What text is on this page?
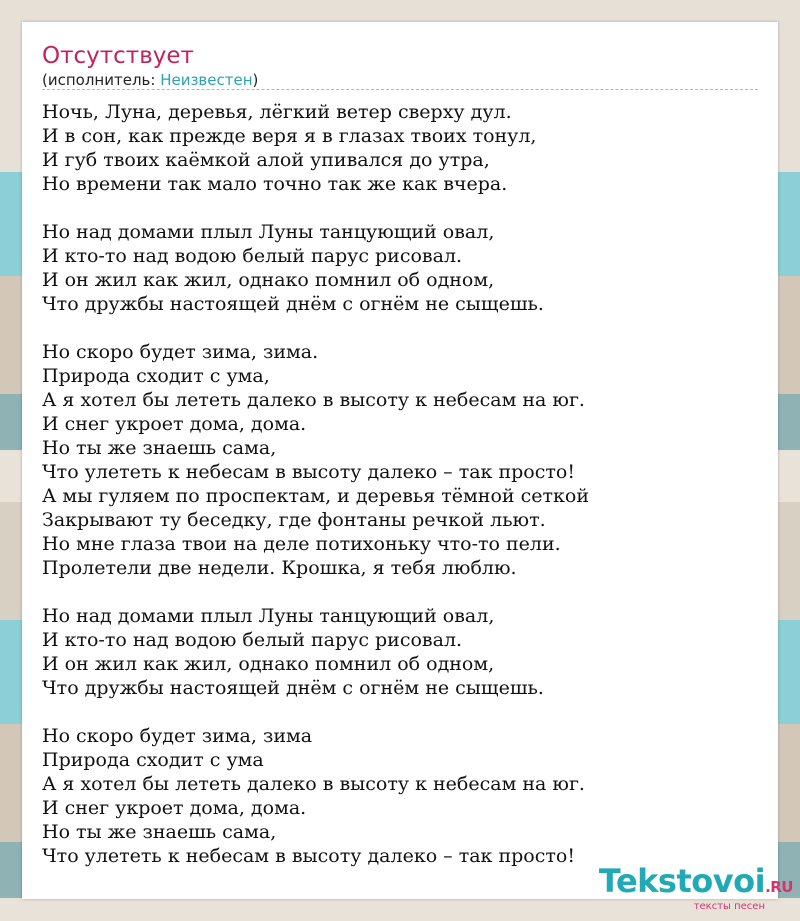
Отсутствует
(исполнитель: Неизвестен)
Ночь, Луна, деревья, лёгкий ветер сверху дул.
И в сон, как прежде веря я в глазах твоих тонул,
И губ твоих каёмкой алой упивался до утра,
Но времени так мало точно так же как вчера.
Но над домами плыл Луны танцующий овал,
И кто-то над водою белый парус рисовал.
И он жил как жил, однако помнил об одном,
Что дружбы настоящей днём с огнём не сыщешь.
Но скоро будет зима, зима.
Природа сходит с ума,
А я хотел бы лететь далеко в высоту к небесам на юг.
И снег укроет дома, дома.
Но ты же знаешь сама,
Что улететь к небесам в высоту далеко – так просто!
А мы гуляем по проспектам, и деревья тёмной сеткой
Закрывают ту беседку, где фонтаны речкой льют.
Но мне глаза твои на деле потихоньку что-то пели.
Пролетели две недели. Крошка, я тебя люблю.
Но над домами плыл Луны танцующий овал,
И кто-то над водою белый парус рисовал.
И он жил как жил, однако помнил об одном,
Что дружбы настоящей днём с огнём не сыщешь.
Но скоро будет зима, зима
Природа сходит с ума
А я хотел бы лететь далеко в высоту к небесам на юг.
И снег укроет дома, дома.
Но ты же знаешь сама,
Что улететь к небесам в высоту далеко – так просто!
Tekstovoi.RU
тексты песен
